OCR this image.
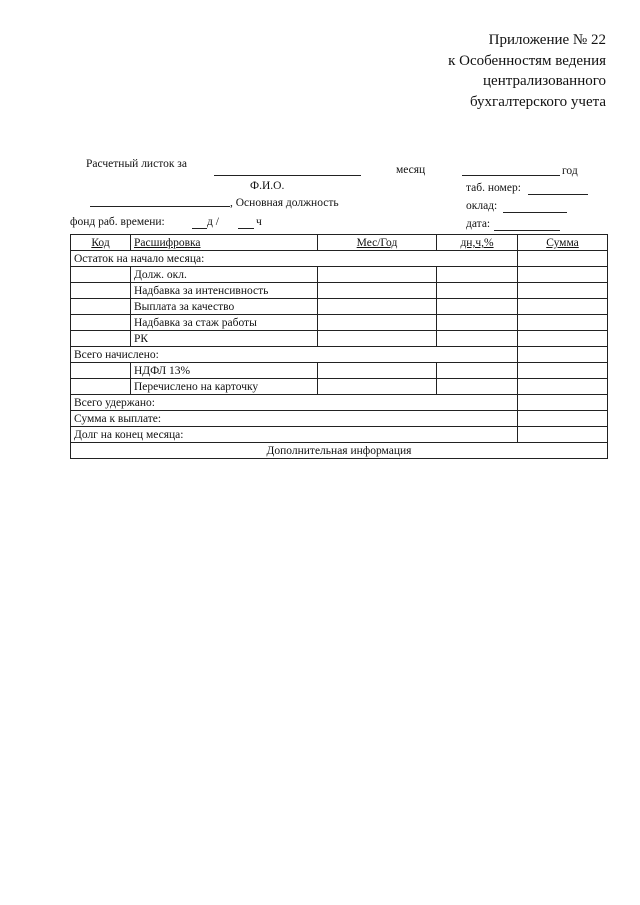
Приложение № 22
к Особенностям ведения
централизованного
бухгалтерского учета
Расчетный листок за	месяц	год
Ф.И.О.	таб. номер:
, Основная должность	оклад:
фонд раб. времени:	д /	ч	дата:
Код	Расшифровка	Мес/Год	дн,ч,%	Сумма
Остаток на начало месяца:				
	Долж. окл.			
	Надбавка за интенсивность			
	Выплата за качество			
	Надбавка за стаж работы			
	РК			
Всего начислено:				
	НДФЛ 13%			
	Перечислено на карточку			
Всего удержано:				
Сумма к выплате:				
Долг на конец месяца:				
Дополнительная информация				
